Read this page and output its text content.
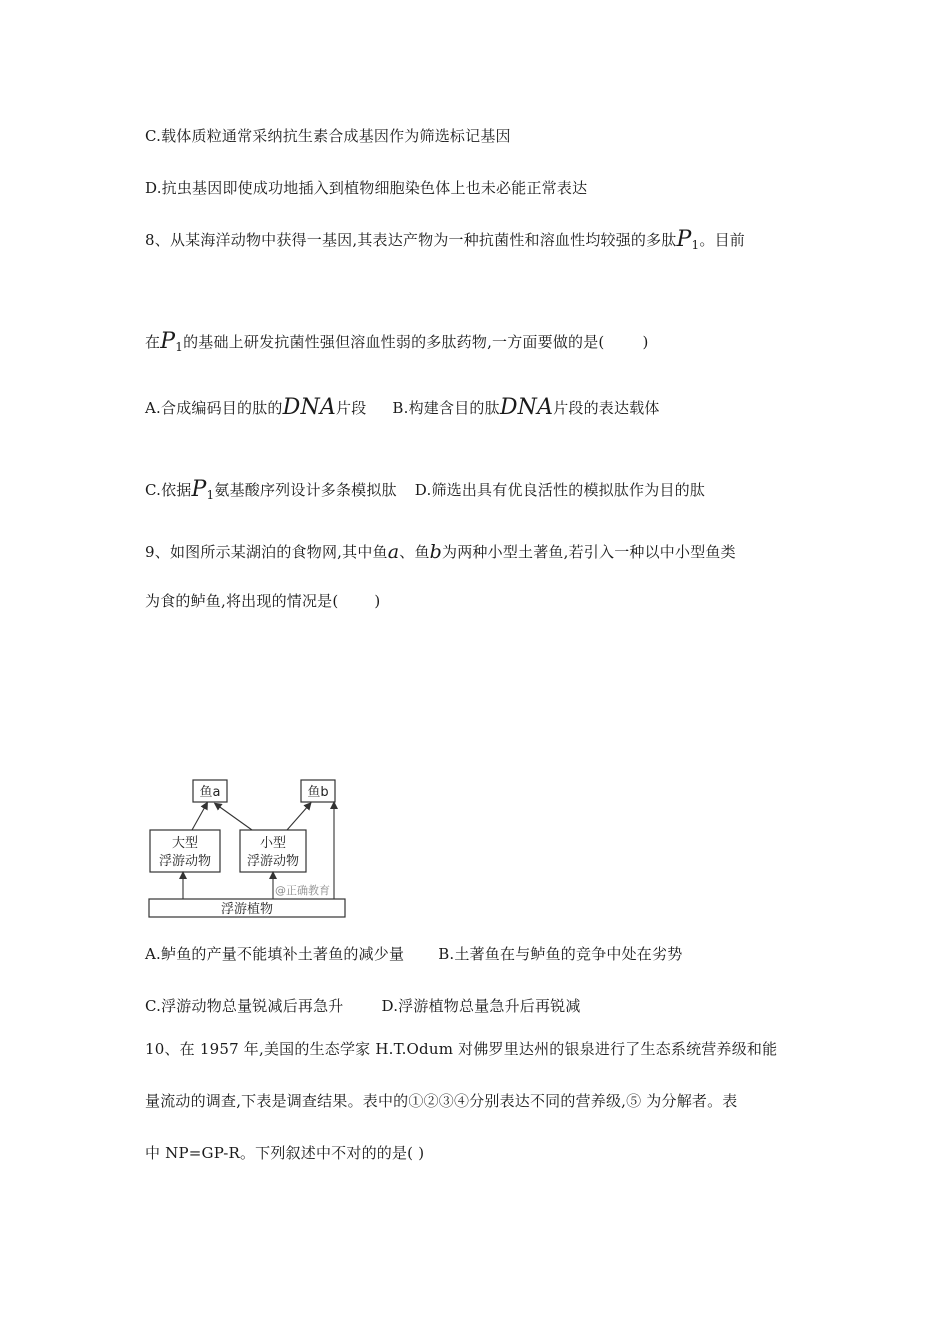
C.载体质粒通常采纳抗生素合成基因作为筛选标记基因
D.抗虫基因即使成功地插入到植物细胞染色体上也未必能正常表达
8、从某海洋动物中获得一基因,其表达产物为一种抗菌性和溶血性均较强的多肽$P_1$。目前
在$P_1$的基础上研发抗菌性强但溶血性弱的多肽药物,一方面要做的是(	)
A.合成编码目的肽的DNA片段 B.构建含目的肽DNA片段的表达载体
C.依据$P_1$氨基酸序列设计多条模拟肽 D.筛选出具有优良活性的模拟肽作为目的肽
9、如图所示某湖泊的食物网,其中鱼a、鱼b为两种小型土著鱼,若引入一种以中小型鱼类
为食的鲈鱼,将出现的情况是( )
鱼a	鱼b
大型
浮游动物
小型
浮游动物
浮游植物
@正确教育
A.鲈鱼的产量不能填补土著鱼的减少量 B.土著鱼在与鲈鱼的竞争中处在劣势
C.浮游动物总量锐减后再急升	D.浮游植物总量急升后再锐减
10、在 1957 年,美国的生态学家 H.T.Odum 对佛罗里达州的银泉进行了生态系统营养级和能
量流动的调查,下表是调查结果。表中的①②③④分别表达不同的营养级,⑤ 为分解者。表
中 NP=GP-R。下列叙述中不对的的是( )
